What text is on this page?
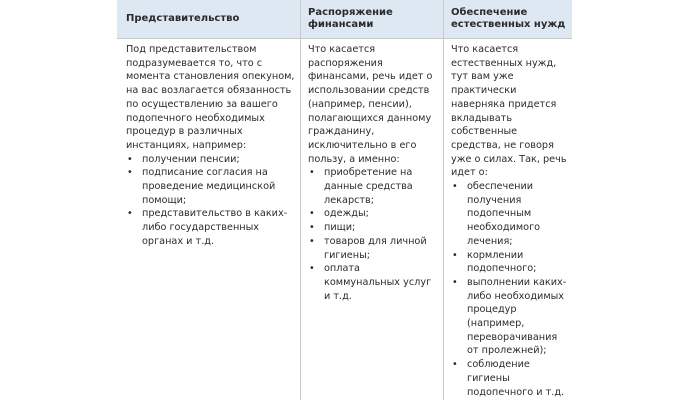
Представительство
Распоряжение финансами
Обеспечение естественных нужд

Под представительством подразумевается то, что с момента становления опекуном, на вас возлагается обязанность по осуществлению за вашего подопечного необходимых процедур в различных инстанциях, например:

• получении пенсии;
• подписание согласия на проведение медицинской помощи;
• представительство в каких-либо государственных органах и т.д.

Что касается распоряжения финансами, речь идет о использовании средств (например, пенсии), полагающихся данному гражданину, исключительно в его пользу, а именно:

• приобретение на данные средства лекарств;
• одежды;
• пищи;
• товаров для личной гигиены;
• оплата коммунальных услуг и т.д.

Что касается естественных нужд, тут вам уже практически наверняка придется вкладывать собственные средства, не говоря уже о силах. Так, речь идет о:

• обеспечении получения подопечным необходимого лечения;
• кормлении подопечного;
• выполнении каких-либо необходимых процедур (например, переворачивания от пролежней);
• соблюдение гигиены подопечного и т.д.
